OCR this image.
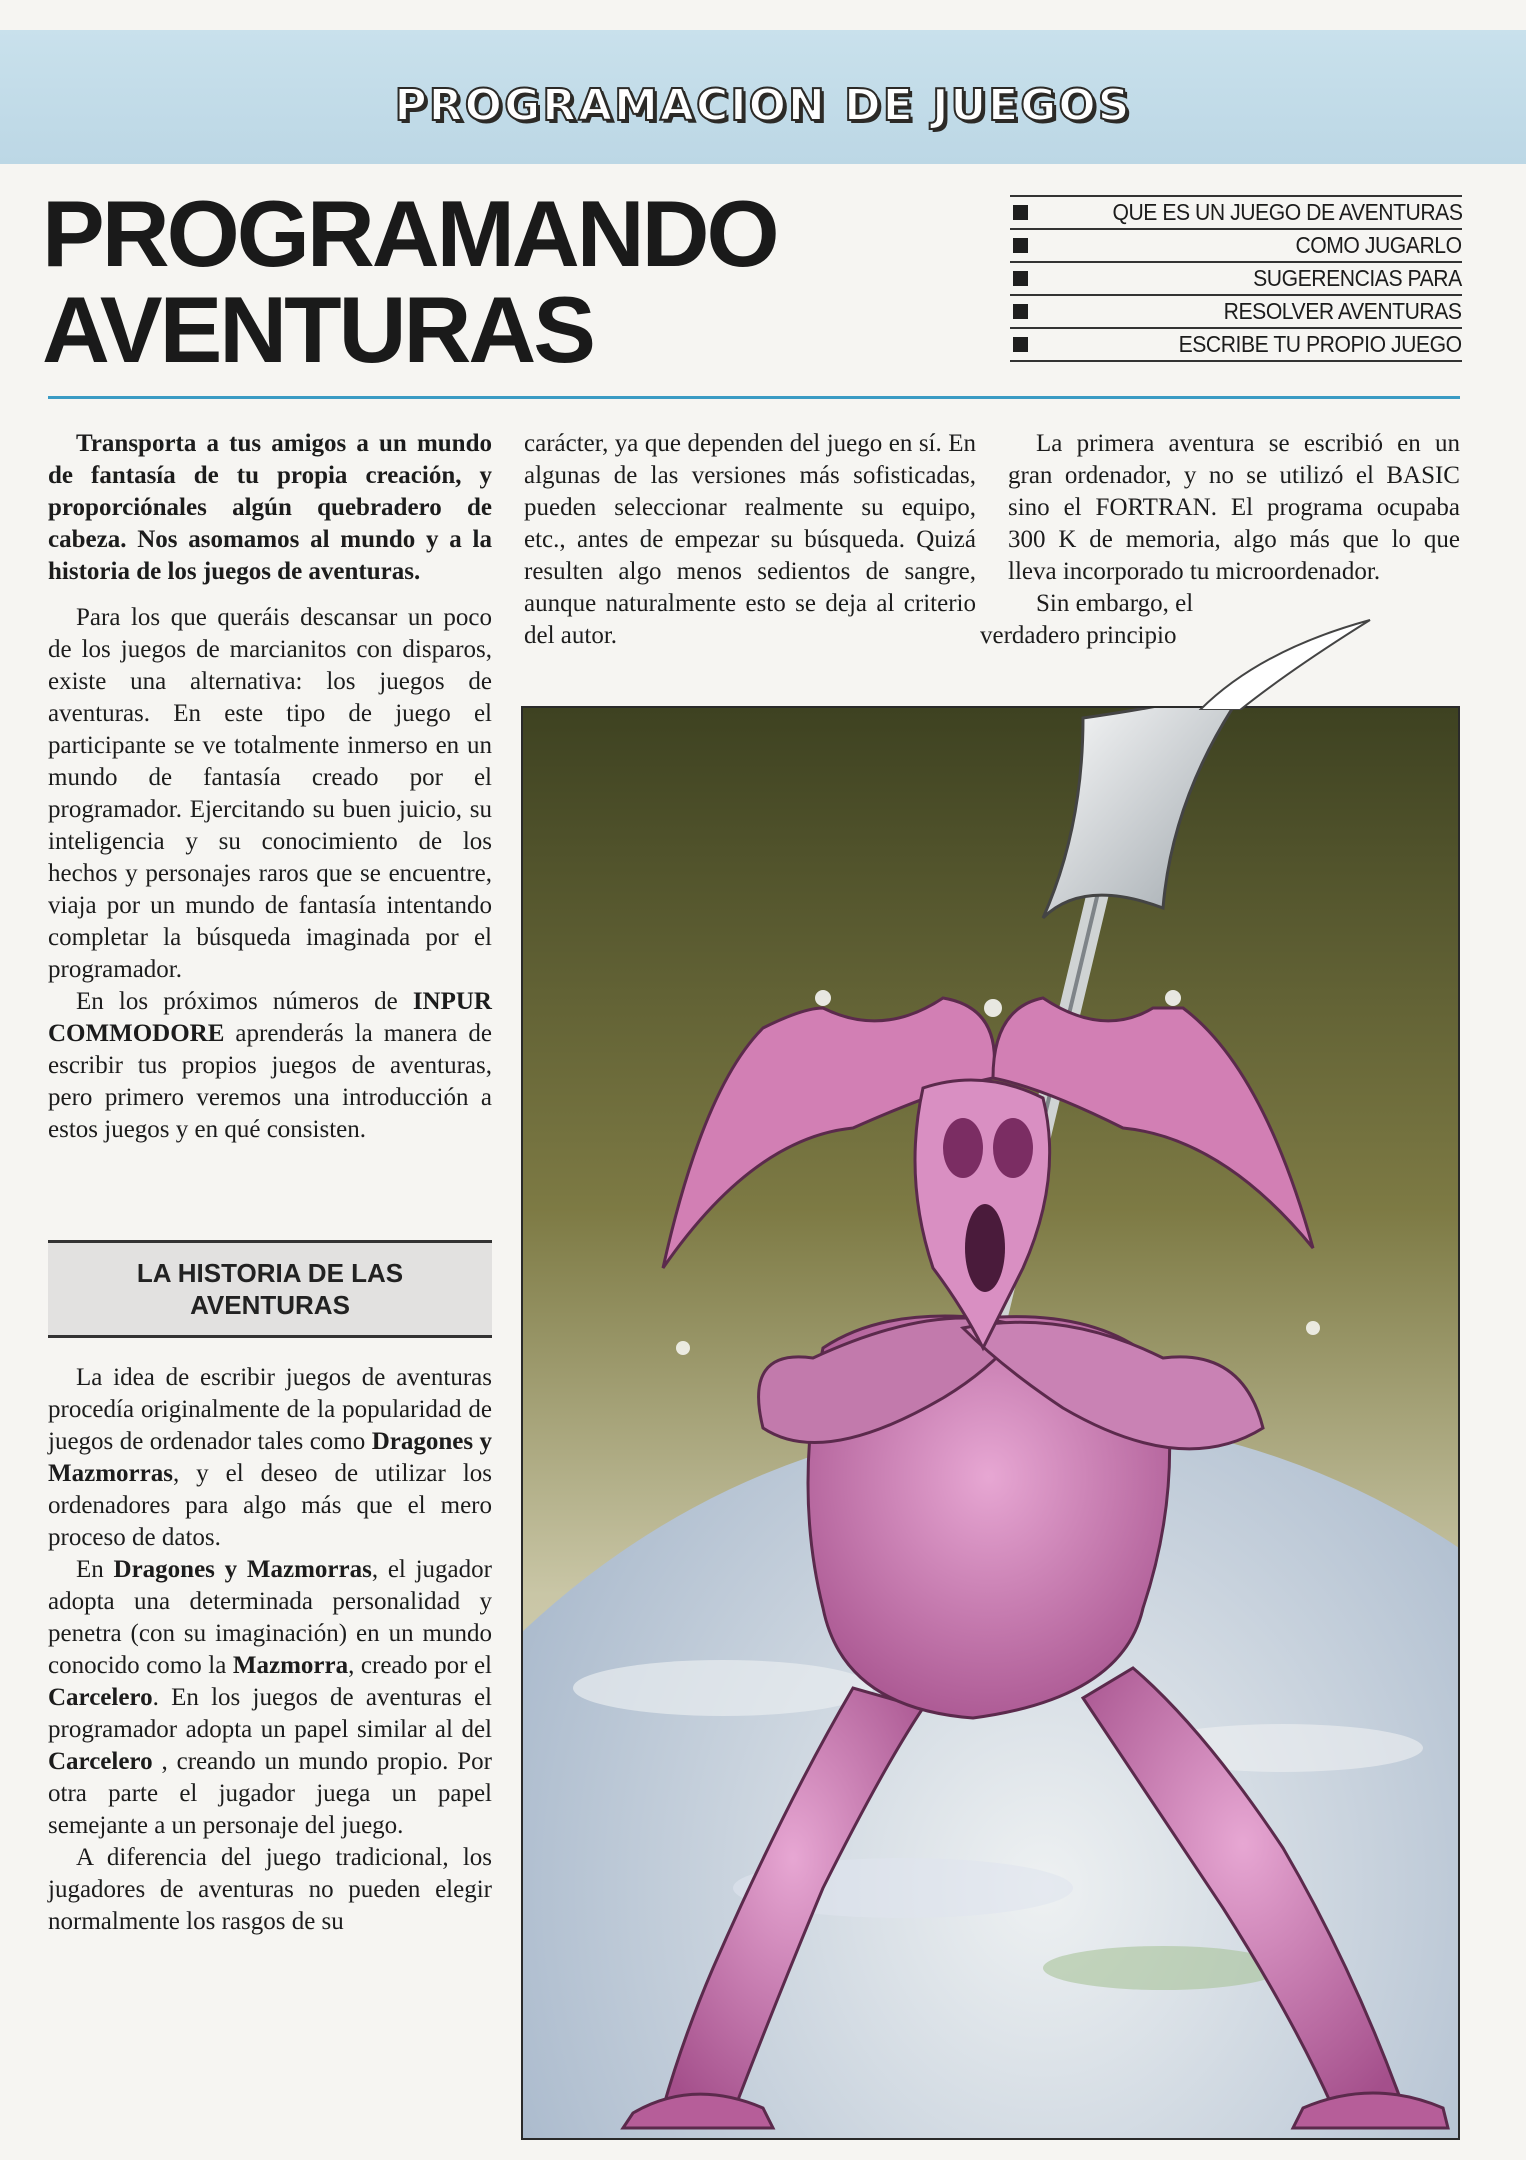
PROGRAMACION DE JUEGOS
PROGRAMANDO
AVENTURAS
QUE ES UN JUEGO DE AVENTURAS
COMO JUGARLO
SUGERENCIAS PARA
RESOLVER AVENTURAS
ESCRIBE TU PROPIO JUEGO

Transporta a tus amigos a un mundo de fantasía de tu propia creación, y proporciónales algún quebradero de cabeza. Nos asomamos al mundo y a la historia de los juegos de aventuras.

Para los que queráis descansar un poco de los juegos de marcianitos con disparos, existe una alternativa: los juegos de aventuras. En este tipo de juego el participante se ve totalmente inmerso en un mundo de fantasía creado por el programador. Ejercitando su buen juicio, su inteligencia y su conocimiento de los hechos y personajes raros que se encuentre, viaja por un mundo de fantasía intentando completar la búsqueda imaginada por el programador.

En los próximos números de INPUR COMMODORE aprenderás la manera de escribir tus propios juegos de aventuras, pero primero veremos una introducción a estos juegos y en qué consisten.

LA HISTORIA DE LAS AVENTURAS

La idea de escribir juegos de aventuras procedía originalmente de la popularidad de juegos de ordenador tales como Dragones y Mazmorras, y el deseo de utilizar los ordenadores para algo más que el mero proceso de datos.

En Dragones y Mazmorras, el jugador adopta una determinada personalidad y penetra (con su imaginación) en un mundo conocido como la Mazmorra, creado por el Carcelero. En los juegos de aventuras el programador adopta un papel similar al del Carcelero , creando un mundo propio. Por otra parte el jugador juega un papel semejante a un personaje del juego.

A diferencia del juego tradicional, los jugadores de aventuras no pueden elegir normalmente los rasgos de su

carácter, ya que dependen del juego en sí. En algunas de las versiones más sofisticadas, pueden seleccionar realmente su equipo, etc., antes de empezar su búsqueda. Quizá resulten algo menos sedientos de sangre, aunque naturalmente esto se deja al criterio del autor.

La primera aventura se escribió en un gran ordenador, y no se utilizó el BASIC sino el FORTRAN. El programa ocupaba 300 K de memoria, algo más que lo que lleva incorporado tu microordenador.

Sin embargo, el
verdadero principio
